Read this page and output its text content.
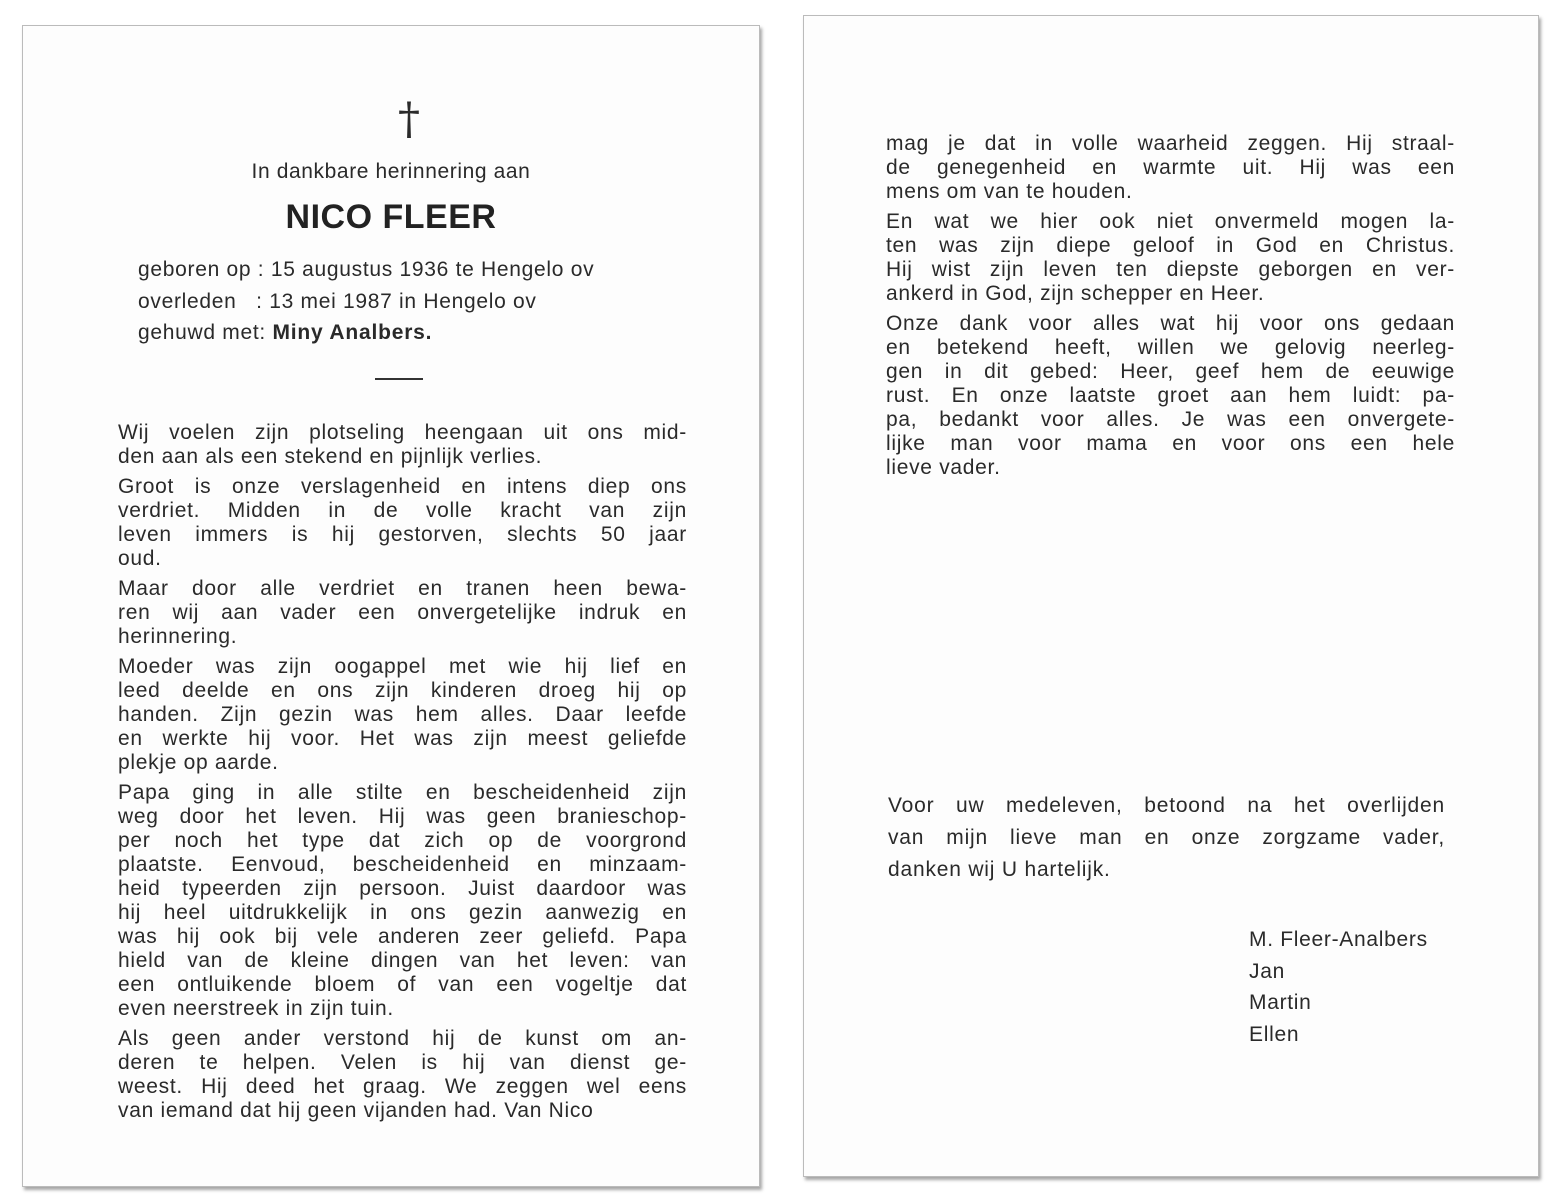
†
In dankbare herinnering aan
NICO FLEER
geboren op : 15 augustus 1936 te Hengelo ov
overleden   : 13 mei 1987 in Hengelo ov
gehuwd met: Miny Analbers.
Wij voelen zijn plotseling heengaan uit ons mid-
den aan als een stekend en pijnlijk verlies.
Groot is onze verslagenheid en intens diep ons
verdriet. Midden in de volle kracht van zijn
leven immers is hij gestorven, slechts 50 jaar
oud.
Maar door alle verdriet en tranen heen bewa-
ren wij aan vader een onvergetelijke indruk en
herinnering.
Moeder was zijn oogappel met wie hij lief en
leed deelde en ons zijn kinderen droeg hij op
handen. Zijn gezin was hem alles. Daar leefde
en werkte hij voor. Het was zijn meest geliefde
plekje op aarde.
Papa ging in alle stilte en bescheidenheid zijn
weg door het leven. Hij was geen branieschop-
per noch het type dat zich op de voorgrond
plaatste. Eenvoud, bescheidenheid en minzaam-
heid typeerden zijn persoon. Juist daardoor was
hij heel uitdrukkelijk in ons gezin aanwezig en
was hij ook bij vele anderen zeer geliefd. Papa
hield van de kleine dingen van het leven: van
een ontluikende bloem of van een vogeltje dat
even neerstreek in zijn tuin.
Als geen ander verstond hij de kunst om an-
deren te helpen. Velen is hij van dienst ge-
weest. Hij deed het graag. We zeggen wel eens
van iemand dat hij geen vijanden had. Van Nico
mag je dat in volle waarheid zeggen. Hij straal-
de genegenheid en warmte uit. Hij was een
mens om van te houden.
En wat we hier ook niet onvermeld mogen la-
ten was zijn diepe geloof in God en Christus.
Hij wist zijn leven ten diepste geborgen en ver-
ankerd in God, zijn schepper en Heer.
Onze dank voor alles wat hij voor ons gedaan
en betekend heeft, willen we gelovig neerleg-
gen in dit gebed: Heer, geef hem de eeuwige
rust. En onze laatste groet aan hem luidt: pa-
pa, bedankt voor alles. Je was een onvergete-
lijke man voor mama en voor ons een hele
lieve vader.
Voor uw medeleven, betoond na het overlijden
van mijn lieve man en onze zorgzame vader,
danken wij U hartelijk.
M. Fleer-Analbers
Jan
Martin
Ellen
